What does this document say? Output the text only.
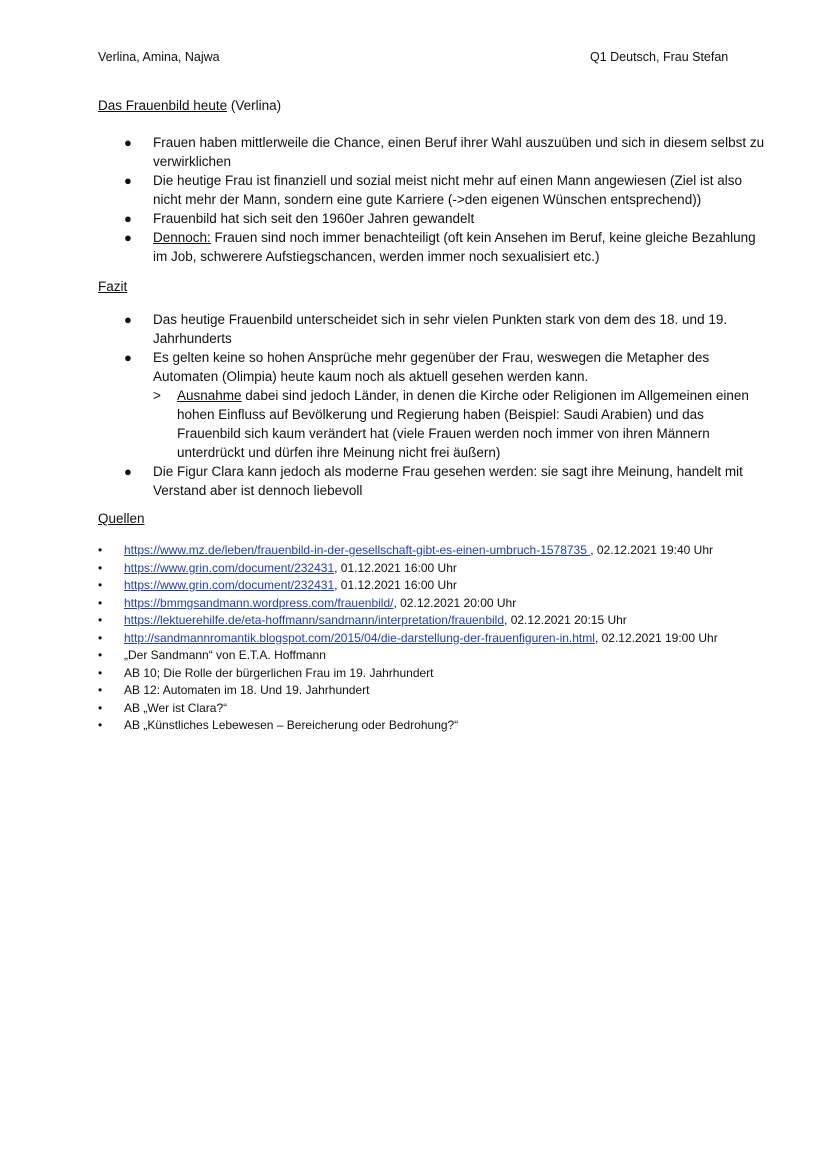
Verlina, Amina, Najwa	Q1 Deutsch, Frau Stefan
Das Frauenbild heute (Verlina)
● Frauen haben mittlerweile die Chance, einen Beruf ihrer Wahl auszuüben und sich in diesem selbst zu verwirklichen
● Die heutige Frau ist finanziell und sozial meist nicht mehr auf einen Mann angewiesen (Ziel ist also nicht mehr der Mann, sondern eine gute Karriere (->den eigenen Wünschen entsprechend))
● Frauenbild hat sich seit den 1960er Jahren gewandelt
● Dennoch: Frauen sind noch immer benachteiligt (oft kein Ansehen im Beruf, keine gleiche Bezahlung im Job, schwerere Aufstiegschancen, werden immer noch sexualisiert etc.)
Fazit
● Das heutige Frauenbild unterscheidet sich in sehr vielen Punkten stark von dem des 18. und 19. Jahrhunderts
● Es gelten keine so hohen Ansprüche mehr gegenüber der Frau, weswegen die Metapher des Automaten (Olimpia) heute kaum noch als aktuell gesehen werden kann.
> Ausnahme dabei sind jedoch Länder, in denen die Kirche oder Religionen im Allgemeinen einen hohen Einfluss auf Bevölkerung und Regierung haben (Beispiel: Saudi Arabien) und das Frauenbild sich kaum verändert hat (viele Frauen werden noch immer von ihren Männern unterdrückt und dürfen ihre Meinung nicht frei äußern)
● Die Figur Clara kann jedoch als moderne Frau gesehen werden: sie sagt ihre Meinung, handelt mit Verstand aber ist dennoch liebevoll
Quellen
• https://www.mz.de/leben/frauenbild-in-der-gesellschaft-gibt-es-einen-umbruch-1578735 , 02.12.2021 19:40 Uhr
• https://www.grin.com/document/232431, 01.12.2021 16:00 Uhr
• https://www.grin.com/document/232431, 01.12.2021 16:00 Uhr
• https://bmmgsandmann.wordpress.com/frauenbild/, 02.12.2021 20:00 Uhr
• https://lektuerehilfe.de/eta-hoffmann/sandmann/interpretation/frauenbild, 02.12.2021 20:15 Uhr
• http://sandmannromantik.blogspot.com/2015/04/die-darstellung-der-frauenfiguren-in.html, 02.12.2021 19:00 Uhr
• „Der Sandmann“ von E.T.A. Hoffmann
• AB 10; Die Rolle der bürgerlichen Frau im 19. Jahrhundert
• AB 12: Automaten im 18. Und 19. Jahrhundert
• AB „Wer ist Clara?“
• AB „Künstliches Lebewesen – Bereicherung oder Bedrohung?“
